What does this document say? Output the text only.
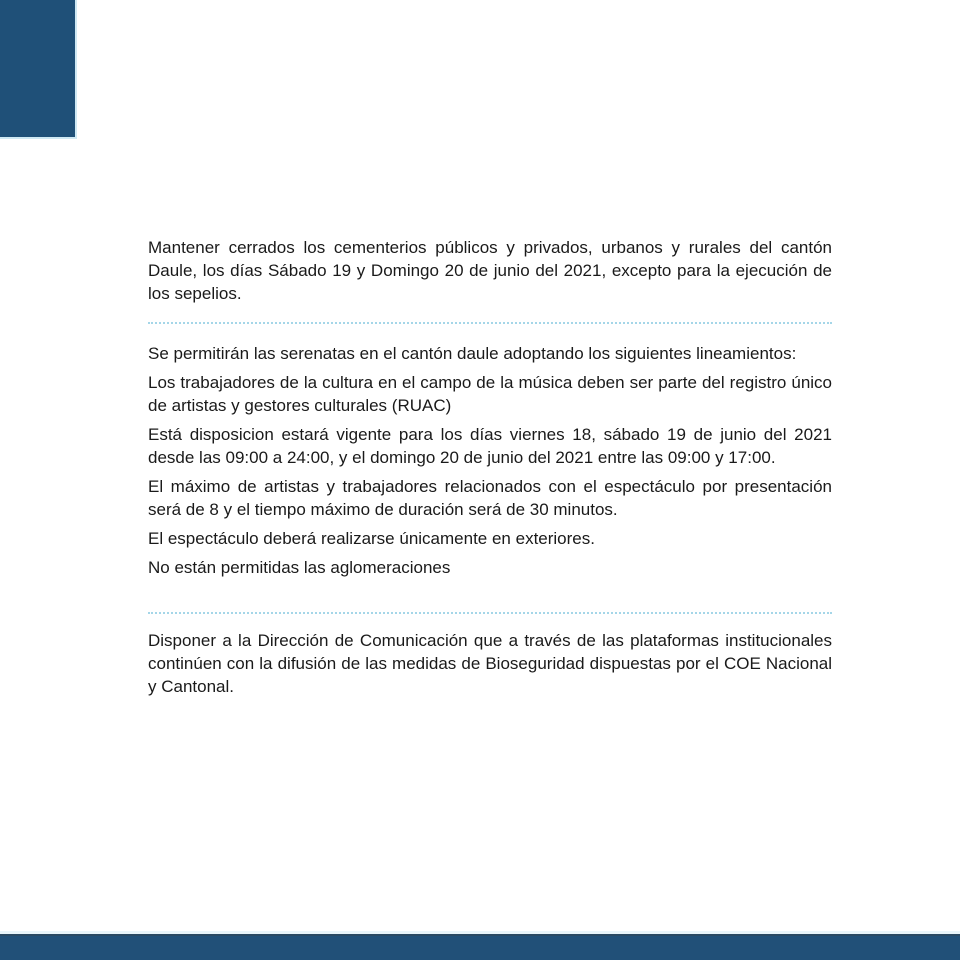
Mantener cerrados los cementerios públicos y privados, urbanos y rurales del cantón Daule, los días Sábado 19 y Domingo 20 de junio del 2021, excepto para la ejecución de los sepelios.

Se permitirán las serenatas en el cantón daule adoptando los siguientes lineamientos:

Los trabajadores de la cultura en el campo de la música deben ser parte del registro único de artistas y gestores culturales (RUAC)

Está disposicion estará vigente para los días viernes 18, sábado 19 de junio del 2021 desde las 09:00 a 24:00, y el domingo 20 de junio del 2021 entre las 09:00 y 17:00.

El máximo de artistas y trabajadores relacionados con el espectáculo por presentación será de 8 y el tiempo máximo de duración será de 30 minutos.

El espectáculo deberá realizarse únicamente en exteriores.

No están permitidas las aglomeraciones

Disponer a la Dirección de Comunicación que a través de las plataformas institucionales continúen con la difusión de las medidas de Bioseguridad dispuestas por el COE Nacional y Cantonal.
